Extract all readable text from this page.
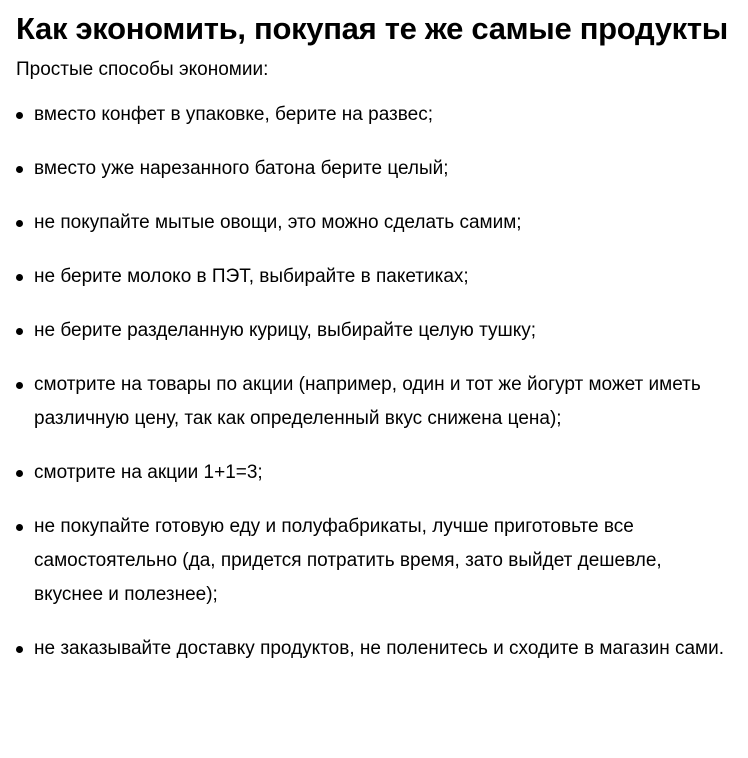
Как экономить, покупая те же самые продукты

Простые способы экономии:

вместо конфет в упаковке, берите на развес;
вместо уже нарезанного батона берите целый;
не покупайте мытые овощи, это можно сделать самим;
не берите молоко в ПЭТ, выбирайте в пакетиках;
не берите разделанную курицу, выбирайте целую тушку;
смотрите на товары по акции (например, один и тот же йогурт может иметь различную цену, так как определенный вкус снижена цена);
смотрите на акции 1+1=3;
не покупайте готовую еду и полуфабрикаты, лучше приготовьте все самостоятельно (да, придется потратить время, зато выйдет дешевле, вкуснее и полезнее);
не заказывайте доставку продуктов, не поленитесь и сходите в магазин сами.
